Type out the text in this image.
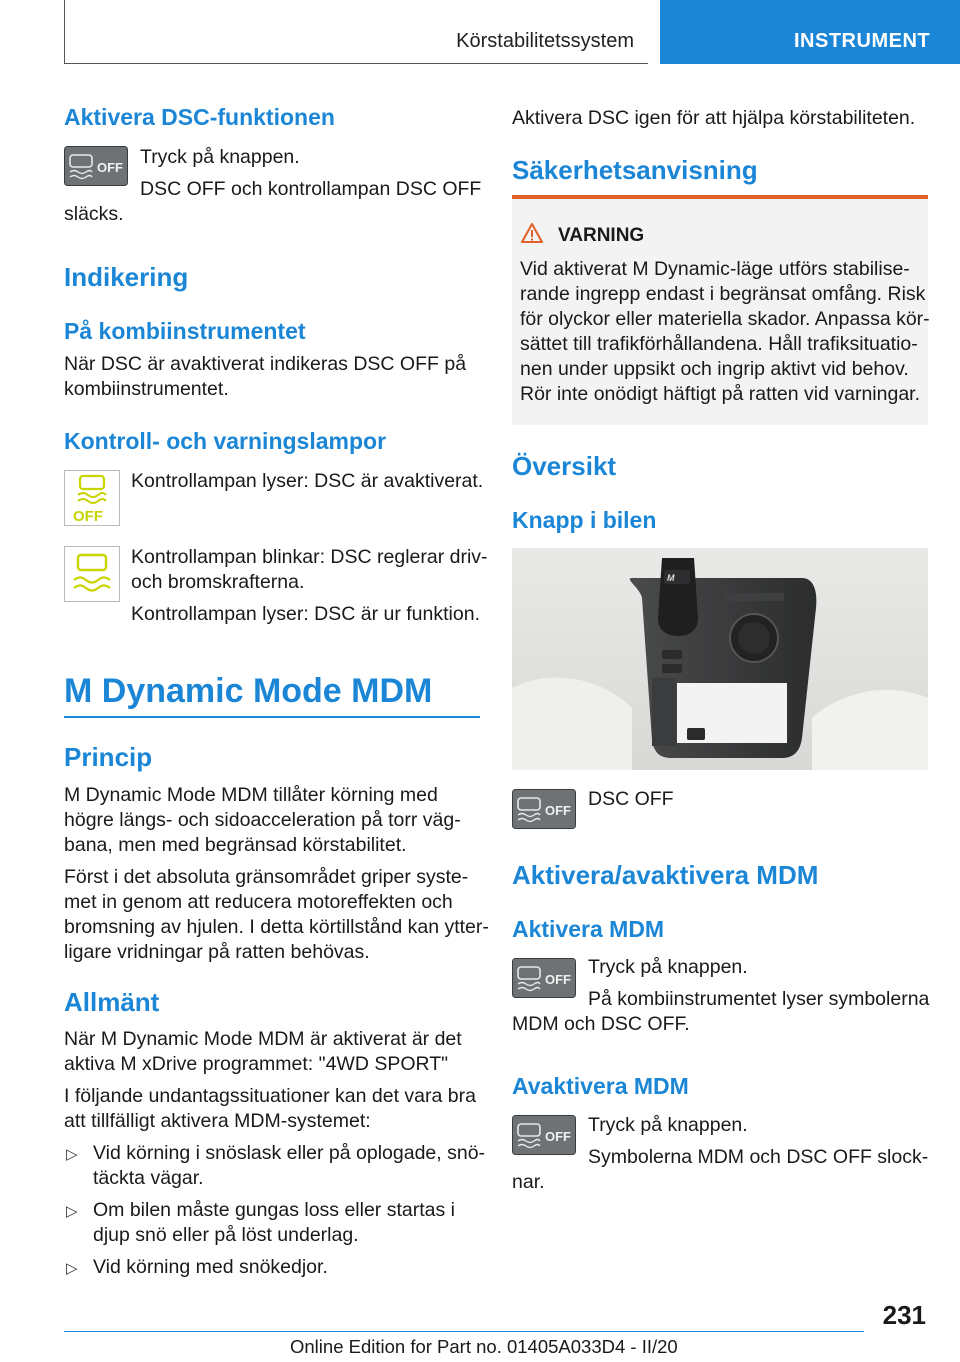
Körstabilitetssystem	INSTRUMENT
Aktivera DSC-funktionen
OFF Tryck på knappen.
DSC OFF och kontrollampan DSC OFF
släcks.
Indikering
På kombiinstrumentet
När DSC är avaktiverat indikeras DSC OFF på
kombiinstrumentet.
Kontroll- och varningslampor
OFF
Kontrollampan lyser: DSC är avaktiverat.
Kontrollampan blinkar: DSC reglerar driv-
och bromskrafterna.
Kontrollampan lyser: DSC är ur funktion.
M Dynamic Mode MDM
Princip
M Dynamic Mode MDM tillåter körning med
högre längs- och sidoacceleration på torr väg-
bana, men med begränsad körstabilitet.
Först i det absoluta gränsområdet griper syste-
met in genom att reducera motoreffekten och
bromsning av hjulen. I detta körtillstånd kan ytter-
ligare vridningar på ratten behövas.
Allmänt
När M Dynamic Mode MDM är aktiverat är det
aktiva M xDrive programmet: "4WD SPORT"
I följande undantagssituationer kan det vara bra
att tillfälligt aktivera MDM-systemet:
▷ Vid körning i snöslask eller på oplogade, snö-
täckta vägar.
▷ Om bilen måste gungas loss eller startas i
djup snö eller på löst underlag.
▷ Vid körning med snökedjor.
Aktivera DSC igen för att hjälpa körstabiliteten.
Säkerhetsanvisning
VARNING
Vid aktiverat M Dynamic-läge utförs stabilise-
rande ingrepp endast i begränsat omfång. Risk
för olyckor eller materiella skador. Anpassa kör-
sättet till trafikförhållandena. Håll trafiksituatio-
nen under uppsikt och ingrip aktivt vid behov.
Rör inte onödigt häftigt på ratten vid varningar.
Översikt
Knapp i bilen
M
OFF
DSC OFF
Aktivera/avaktivera MDM
Aktivera MDM
OFF
Tryck på knappen.
På kombiinstrumentet lyser symbolerna
MDM och DSC OFF.
Avaktivera MDM
OFF
Tryck på knappen.
Symbolerna MDM och DSC OFF slock-
nar.
231
Online Edition for Part no. 01405A033D4 - II/20
